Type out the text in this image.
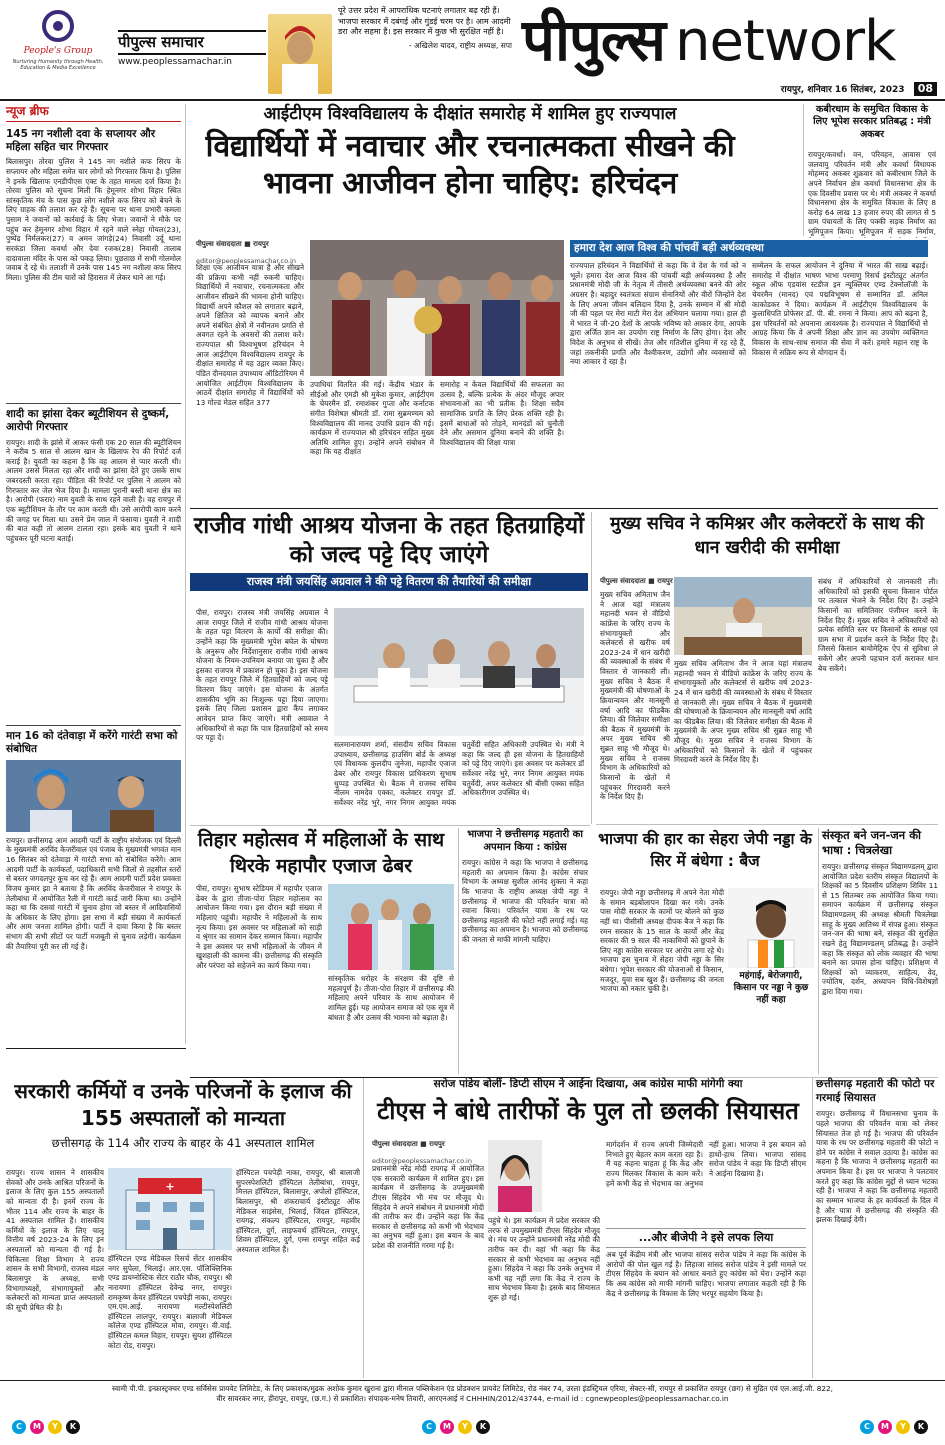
People's Group
Nurturing Humanity through Health, Education & Media Excellence
पीपुल्स समाचार
www.peoplessamachar.in
पूरे उत्तर प्रदेश में आपराधिक घटनाएं लगातार बढ़ रही हैं। भाजपा सरकार में दबंगई और गुंडई चरम पर है। आम आदमी डरा और सहमा है। इस सरकार में कुछ भी सुरक्षित नहीं है।
- अखिलेश यादव, राष्ट्रीय अध्यक्ष, सपा पीपुल्स network
रायपुर, शनिवार 16 सितंबर, 2023 08
न्यूज ब्रीफ
145 नग नशीली दवा के सप्लायर और महिला सहित चार गिरफ्तार
बिलासपुर। तोरवा पुलिस ने 145 नग नशीले कफ सिरप के सप्लायर और महिला समेत चार लोगों को गिरफ्तार किया है। पुलिस ने इनके खिलाफ एनडीपीएस एक्ट के तहत मामला दर्ज किया है। तोरवा पुलिस को सूचना मिली कि हेमूनगर शोभा विहार स्थित सांस्कृतिक मंच के पास कुछ लोग नशीले कफ सिरप को बेचने के लिए ग्राहक की तलाश कर रहे हैं। सूचना पर थाना प्रभारी कमला पुसाम ने जवानों को कार्रवाई के लिए भेजा। जवानों ने मौके पर पहुंच कर हेमूनगर शोभा विहार में रहने वाले स्नेहा गोयल(23), पुष्पेंद्र निर्मलकर(27) व अमन जांगड़े(24) निवासी उर्दू थाना सरकंडा जिला कवर्धा और देवा रजक(28) निवासी तालाब दादावाला मंदिर के पास को पकड़ लिया। पूछताछ में सभी गोलमोल जवाब दे रहे थे। तलाशी में उनके पास 145 नग नशीला कफ सिरप मिला। पुलिस की टीम चारों को हिरासत में लेकर थाने आ गई।
शादी का झांसा देकर ब्यूटीशियन से दुष्कर्म, आरोपी गिरफ्तार
रायपुर। शादी के झांसे में आकर फंसी एक 20 साल की ब्यूटीशियन ने करीब 5 साल से आलम खान के खिलाफ रेप की रिपोर्ट दर्ज कराई है। युवती का कहना है कि वह आलम से प्यार करती थी। आलम उससे मिलता रहा और शादी का झांसा देते हुए उसके साथ जबरदस्ती करता रहा। पीड़िता की रिपोर्ट पर पुलिस ने आलम को गिरफ्तार कर जेल भेज दिया है। मामला पुरानी बस्ती थाना क्षेत्र का है। आरोपी (फरार) नाम युवती के साथ रहने वाली है। वह रायपुर में एक ब्यूटीशियन के तौर पर काम करती थी। उसे आरोपी काम करने की जगह पर मिला था। उसने प्रेम जाल में फंसाया। युवती ने शादी की बात कही तो आलम टालता रहा। इसके बाद युवती ने थाने पहुंचकर पूरी घटना बताई।
मान 16 को दंतेवाड़ा में करेंगे गारंटी सभा को संबोधित
रायपुर। छत्तीसगढ़ आम आदमी पार्टी के राष्ट्रीय संयोजक एवं दिल्ली के मुख्यमंत्री अरविंद केजरीवाल एवं पंजाब के मुख्यमंत्री भगवंत मान 16 सितंबर को दंतेवाड़ा में गारंटी सभा को संबोधित करेंगे। आम आदमी पार्टी के कार्यकर्ता, पदाधिकारी सभी जिलों से तहसील स्तरों से बस्तर जगदलपुर कूच कर रहे हैं। आम आदमी पार्टी प्रदेश प्रवक्ता विजय कुमार झा ने बताया है कि अरविंद केजरीवाल ने रायपुर के तेलीबांधा में आयोजित रैली में गारंटी कार्ड जारी किया था। उन्होंने कहा था कि दसवां गारंटी में चुनाव होगा जो बस्तर में आदिवासियों के अधिकार के लिए होगा। इस सभा में बड़ी संख्या में कार्यकर्ता और आम जनता शामिल होगी। पार्टी ने दावा किया है कि बस्तर संभाग की सभी सीटों पर पार्टी मजबूती से चुनाव लड़ेगी। कार्यक्रम की तैयारियां पूरी कर ली गई हैं।
आईटीएम विश्वविद्यालय के दीक्षांत समारोह में शामिल हुए राज्यपाल
विद्यार्थियों में नवाचार और रचनात्मकता सीखने की भावना आजीवन होना चाहिए: हरिचंदन
पीपुल्स संवाददाता ■ रायपुर
editor@peoplessamachar.co.in
शिक्षा एक आजीवन यात्रा है और सीखने की प्रक्रिया कभी नहीं रुकनी चाहिए। विद्यार्थियों में नवाचार, रचनात्मकता और आजीवन सीखने की भावना होनी चाहिए। विद्यार्थी अपने कौशल को लगातार बढ़ाने, अपने क्षितिज को व्यापक बनाने और अपने संबंधित क्षेत्रों में नवीनतम प्रगति से अवगत रहने के अवसरों की तलाश करें। राज्यपाल श्री विश्वभूषण हरिचंदन ने आज आईटीएम विश्वविद्यालय रायपुर के दीक्षांत समारोह में यह उद्गार व्यक्त किए। पंडित दीनदयाल उपाध्याय ऑडिटोरियम में आयोजित आईटीएम विश्वविद्यालय के आठवें दीक्षांत समारोह में विद्यार्थियों को 13 गोल्ड मेडल सहित 377
उपाधियां वितरित की गई। केंद्रीय भंडार के सीईओ और एमडी श्री मुकेश कुमार, आईटीएम के चेयरमैन डॉ. रमाशंकर गुप्ता और कर्नाटक संगीत विशेषज्ञ श्रीमती डॉ. रामा सुब्रमण्यम को विश्वविद्यालय की मानद उपाधि प्रदान की गई। कार्यक्रम में राज्यपाल श्री हरिचंदन सहित मुख्य अतिथि शामिल हुए। उन्होंने अपने संबोधन में कहा कि यह दीक्षांत
समारोह न केवल विद्यार्थियों की सफलता का उत्सव है, बल्कि प्रत्येक के अंदर मौजूद अपार संभावनाओं का भी प्रतीक है। शिक्षा सदैव सामाजिक प्रगति के लिए प्रेरक शक्ति रही है। इसमें बाधाओं को तोड़ने, मानदंडों को चुनौती देने और असमान दुनिया बनाने की शक्ति है। विश्वविद्यालय की शिक्षा यात्रा
हमारा देश आज विश्व की पांचवीं बड़ी अर्थव्यवस्था
राज्यपाल हरिचंदन ने विद्यार्थियों से कहा कि वे देश के गर्व को न भूलें। हमारा देश आज विश्व की पांचवीं बड़ी अर्थव्यवस्था है और प्रधानमंत्री मोदी जी के नेतृत्व में तीसरी अर्थव्यवस्था बनने की ओर अग्रसर है। बहादुर स्वतंत्रता संग्राम सेनानियों और वीरों जिन्होंने देश के लिए अपना जीवन बलिदान दिया है, उनके सम्मान में श्री मोदी जी की पहल पर मेरा माटी मेरा देश अभियान चलाया गया। हाल ही में भारत ने जी-20 देशों के आपके भविष्य को आकार देगा, आपके द्वारा अर्जित ज्ञान का उपयोग राष्ट्र निर्माण के लिए होगा। देश और विदेश के अनुभव से सीखें। तेज और गतिशील दुनिया में रह रहे हैं, जहां तकनीकी प्रगति और वैश्वीकरण, उद्योगों और व्यवसायों को नया आकार दे रहा है।
सम्मेलन के सफल आयोजन ने दुनिया में भारत की साख बढ़ाई। समारोह में दीक्षांत भाषण भाभा परमाणु रिसर्च इंस्टीट्यूट अंतर्गत स्कूल ऑफ एडवांस स्टडीज इन न्यूक्लियर एण्ड टेक्नोलॉजी के चेयरमैन (मानद) एवं पद्मविभूषण से सम्मानित डॉ. अनिल काकोडकर ने दिया। कार्यक्रम में आईटीएम विश्वविद्यालय के कुलाधिपति प्रोफेसर डॉ. पी. बी. रमना ने किया। आप को बढ़ना है, इस परिवर्तनों को अपनाना आवश्यक है। राज्यपाल ने विद्यार्थियों से आग्रह किया कि वे अपनी शिक्षा और ज्ञान का उपयोग व्यक्तिगत विकास के साथ-साथ समाज की सेवा में करें। हमारे महान राष्ट्र के विकास में सक्रिय रूप से योगदान दें।
कबीरधाम के समुचित विकास के लिए भूपेश सरकार प्रतिबद्ध : मंत्री अकबर
रायपुर/कवर्धा। वन, परिवहन, आवास एवं जलवायु परिवर्तन मंत्री और कवर्धा विधायक मोहम्मद अकबर शुक्रवार को कबीरधाम जिले के अपने निर्वाचन क्षेत्र कवर्धा विधानसभा क्षेत्र के एक दिवसीय प्रवास पर थे। मंत्री अकबर ने कवर्धा विधानसभा क्षेत्र के समुचित विकास के लिए 8 करोड़ 64 लाख 13 हजार रुपए की लागत से 5 ग्राम पंचायतों के लिए पक्की सड़क निर्माण का भूमिपूजन किया। भूमिपूजन में सड़क निर्माण,
राजीव गांधी आश्रय योजना के तहत हितग्राहियों को जल्द पट्टे दिए जाएंगे
राजस्व मंत्री जयसिंह अग्रवाल ने की पट्टे वितरण की तैयारियों की समीक्षा
पीसं, रायपुर। राजस्व मंत्री जयसिंह अग्रवाल ने आज रायपुर जिले में राजीव गांधी आश्रय योजना के तहत पट्टा वितरण के कार्यों की समीक्षा की। उन्होंने कहा कि मुख्यमंत्री भूपेश बघेल के घोषणा के अनुरूप और निर्देशानुसार राजीव गांधी आश्रय योजना के नियम-उपनियम बनाया जा चुका है और इसका राजपत्र में प्रकाशन हो चुका है। इस योजना के तहत रायपुर जिले में हितग्राहियों को जल्द पट्टे वितरण किए जाएंगे। इस योजना के अंतर्गत शासकीय भूमि का निःशुल्क पट्टा दिया जाएगा। इसके लिए जिला प्रशासन द्वारा कैंप लगाकर आवेदन प्राप्त किए जाएंगे। मंत्री अग्रवाल ने अधिकारियों से कहा कि पात्र हितग्राहियों को समय पर पट्टा दें।
सलमानारायण शर्मा, संसदीय सचिव विकास उपाध्याय, छत्तीसगढ़ हाउसिंग बोर्ड के अध्यक्ष एवं विधायक कुलदीप जुनेजा, महापौर एजाज ढेबर और रायपुर विकास प्राधिकरण सुभाष धुप्पड़ उपस्थित थे। बैठक में राजस्व सचिव नीलम नामदेव एक्का, कलेक्टर रायपुर डॉ. सर्वेश्वर नरेंद्र भुरे, नगर निगम आयुक्त मयंक चतुर्वेदी सहित अधिकारी उपस्थित थे। मंत्री ने कहा कि जल्द ही इस योजना के हितग्राहियों को पट्टे दिए जाएंगे। इस अवसर पर कलेक्टर डॉ सर्वेश्वर नरेंद्र भुरे, नगर निगम आयुक्त मयंक चतुर्वेदी, अपर कलेक्टर श्री बीसी एक्का सहित अधिकारीगण उपस्थित थे।
मुख्य सचिव ने कमिश्नर और कलेक्टरों के साथ की धान खरीदी की समीक्षा
पीपुल्स संवाददाता ■ रायपुर
मुख्य सचिव अमिताभ जैन ने आज यहां मंत्रालय महानदी भवन से वीडियो कांफ्रेंस के जरिए राज्य के संभागायुक्तों और कलेक्टर्स से खरीफ वर्ष 2023-24 में धान खरीदी की व्यवस्थाओं के संबंध में विस्तार से जानकारी ली। मुख्य सचिव ने बैठक में मुख्यमंत्री की घोषणाओं के क्रियान्वयन और मानसूनी वर्षा आदि का फीडबैक लिया। की जिलेवार समीक्षा की बैठक में मुख्यमंत्री के अपर मुख्य सचिव श्री सुब्रत साहू भी मौजूद थे। मुख्य सचिव ने राजस्व विभाग के अधिकारियों को किसानों के खेतों में पहुंचकर गिरदावरी करने के निर्देश दिए हैं।
संबंध में अधिकारियों से जानकारी ली। अधिकारियों को इसकी सूचना किसान पोर्टल पर तत्काल भेजने के निर्देश दिए हैं। उन्होंने किसानों का समितिवार पंजीयन करने के निर्देश दिए हैं। मुख्य सचिव ने अधिकारियों को प्रत्येक समिति स्तर पर किसानों के समक्ष एवं ग्राम सभा में प्रदर्शन करने के निर्देश दिए हैं। जिससे किसान बायोमेट्रिक ऐप से सुविधा ले सकेंगे और अपनी पहचान दर्ज कराकर धान बेच सकेंगे।
मुख्य सचिव अमिताभ जैन ने आज यहां मंत्रालय महानदी भवन से वीडियो कांफ्रेंस के जरिए राज्य के संभागायुक्तों और कलेक्टर्स से खरीफ वर्ष 2023-24 में धान खरीदी की व्यवस्थाओं के संबंध में विस्तार से जानकारी ली। मुख्य सचिव ने बैठक में मुख्यमंत्री की घोषणाओं के क्रियान्वयन और मानसूनी वर्षा आदि का फीडबैक लिया। की जिलेवार समीक्षा की बैठक में मुख्यमंत्री के अपर मुख्य सचिव श्री सुब्रत साहू भी मौजूद थे। मुख्य सचिव ने राजस्व विभाग के अधिकारियों को किसानों के खेतों में पहुंचकर गिरदावरी करने के निर्देश दिए हैं।
भाजपा की हार का सेहरा जेपी नड्डा के सिर में बंधेगा : बैज
रायपुर। जेपी नड्डा छत्तीसगढ़ में अपने नेता मोदी के समान बड़बोलापन दिखा कर गये। उनके पास मोदी सरकार के कामों पर बोलने को कुछ नहीं था। पीसीसी अध्यक्ष दीपक बैज ने कहा कि रमन सरकार के 15 साल के कार्यों और केंद्र सरकार की 9 साल की नाकामियों को छुपाने के लिए नड्डा कांग्रेस सरकार पर आरोप लगा रहे थे। भाजपा इस चुनाव में सेहरा जेपी नड्डा के सिर बंधेगा। भूपेश सरकार की योजनाओं से किसान, मजदूर, युवा सब खुश हैं। छत्तीसगढ़ की जनता भाजपा को नकार चुकी है।
महंगाई, बेरोजगारी, किसान पर नड्डा ने कुछ नहीं कहा
संस्कृत बने जन-जन की भाषा : चित्रलेखा
रायपुर। छत्तीसगढ़ संस्कृत विद्यामण्डलम् द्वारा आयोजित प्रदेश स्तरीय संस्कृत विद्यालयों के शिक्षकों का 5 दिवसीय प्रशिक्षण शिविर 11 से 15 सितम्बर तक आयोजित किया गया। समापन कार्यक्रम में छत्तीसगढ़ संस्कृत विद्यामण्डलम् की अध्यक्ष श्रीमती चित्रलेखा साहू के मुख्य आतिथ्य में संपन्न हुआ। संस्कृत जन-जन की भाषा बने, संस्कृत की सुरक्षित रखने हेतु विद्यामण्डलम् प्रतिबद्ध है। उन्होंने कहा कि संस्कृत को लोक व्यवहार की भाषा बनाने का प्रयास होना चाहिए। प्रशिक्षण में शिक्षकों को व्याकरण, साहित्य, वेद, ज्योतिष, दर्शन, अध्यापन विधि-विशेषज्ञों द्वारा दिया गया।
तिहार महोत्सव में महिलाओं के साथ थिरके महापौर एजाज ढेबर
पीसं, रायपुर। सुभाष स्टेडियम में महापौर एजाज ढेबर के द्वारा तीजा-पोरा तिहार महोत्सव का आयोजन किया गया। इस दौरान बड़ी संख्या में महिलाएं पहुंची। महापौर ने महिलाओं के साथ नृत्य किया। इस अवसर पर महिलाओं को साड़ी व श्रृंगार का सामान देकर सम्मान किया। महापौर ने इस अवसर पर सभी महिलाओं के जीवन में खुशहाली की कामना की। छत्तीसगढ़ की संस्कृति और परंपरा को सहेजने का कार्य किया गया।
सांस्कृतिक धरोहर के संरक्षण की दृष्टि से महत्वपूर्ण है। तीजा-पोरा तिहार में छत्तीसगढ़ की महिलाएं अपने परिवार के साथ आयोजन में शामिल हुई। यह आयोजन समाज को एक सूत्र में बांधता है और उत्सव की भावना को बढ़ाता है।
भाजपा ने छत्तीसगढ़ महतारी का अपमान किया : कांग्रेस
रायपुर। कांग्रेस ने कहा कि भाजपा ने छत्तीसगढ़ महतारी का अपमान किया है। कांग्रेस संचार विभाग के अध्यक्ष सुशील आनंद शुक्ला ने कहा कि भाजपा के राष्ट्रीय अध्यक्ष जेपी नड्डा ने छत्तीसगढ़ में भाजपा की परिवर्तन यात्रा को रवाना किया। परिवर्तन यात्रा के रथ पर छत्तीसगढ़ महतारी की फोटो नहीं लगाई गई। यह छत्तीसगढ़ का अपमान है। भाजपा को छत्तीसगढ़ की जनता से माफी मांगनी चाहिए।
सरकारी कर्मियों व उनके परिजनों के इलाज की 155 अस्पतालों को मान्यता
छत्तीसगढ़ के 114 और राज्य के बाहर के 41 अस्पताल शामिल
रायपुर। राज्य शासन ने शासकीय सेवकों और उनके आश्रित परिजनों के इलाज के लिए कुल 155 अस्पतालों को मान्यता दी है। इनमें राज्य के भीतर 114 और राज्य के बाहर के 41 अस्पताल शामिल हैं। शासकीय कर्मियों के इलाज के लिए चालू वित्तीय वर्ष 2023-24 के लिए इन अस्पतालों को मान्यता दी गई है। चिकित्सा शिक्षा विभाग ने राज्य शासन के सभी विभागों, राजस्व मंडल बिलासपुर के अध्यक्ष, सभी विभागाध्यक्षों, संभागायुक्तों और कलेक्टरों को मान्यता प्राप्त अस्पतालों की सूची प्रेषित की है।
+
हॉस्पिटल एण्ड मेडिकल रिसर्च सेंटर शासकीय नगर सुपेला, भिलाई। आर.एस. पॉलिक्लिनिक एण्ड डायग्नोस्टिक सेंटर राठौर चौक, रायपुर। श्री नारायणा हॉस्पिटल देवेन्द्र नगर, रायपुर। रामकृष्ण केयर हॉस्पिटल पचपेड़ी नाका, रायपुर। एम.एम.आई. नारायणा मल्टीस्पेशलिटी हॉस्पिटल लालपुर, रायपुर। बालाजी मेडिकल कॉलेज एण्ड हॉस्पिटल मोवा, रायपुर। वी.वाई. हॉस्पिटल कमल विहार, रायपुर। सुयश हॉस्पिटल कोटा रोड, रायपुर।
हॉस्पिटल पचपेड़ी नाका, रायपुर, श्री बालाजी सुपरस्पेशलिटी हॉस्पिटल तेलीबांधा, रायपुर, मित्तल हॉस्पिटल, बिलासपुर, अपोलो हॉस्पिटल, बिलासपुर, श्री शंकराचार्य इंस्टीट्यूट ऑफ मेडिकल साइंसेस, भिलाई, जिंदल हॉस्पिटल, रायगढ़, संकल्प हॉस्पिटल, रायपुर, महावीर हॉस्पिटल, दुर्ग, लाइफवर्थ हॉस्पिटल, रायपुर, शिवम हॉस्पिटल, दुर्ग, एम्स रायपुर सहित कई अस्पताल शामिल हैं।
सरोज पांडेय बोलीं- डिप्टी सीएम ने आईना दिखाया, अब कांग्रेस माफी मांगेगी क्या
टीएस ने बांधे तारीफों के पुल तो छलकी सियासत
पीपुल्स संवाददाता ■ रायपुर
editor@peoplessamachar.co.in
प्रधानमंत्री नरेंद्र मोदी रायगढ़ में आयोजित एक सरकारी कार्यक्रम में शामिल हुए। इस कार्यक्रम में छत्तीसगढ़ के उपमुख्यमंत्री टीएस सिंहदेव भी मंच पर मौजूद थे। सिंहदेव ने अपने संबोधन में प्रधानमंत्री मोदी की तारीफ कर दी। उन्होंने कहा कि केंद्र सरकार से छत्तीसगढ़ को कभी भी भेदभाव का अनुभव नहीं हुआ। इस बयान के बाद प्रदेश की राजनीति गरमा गई है।
पहुंचे थे। इस कार्यक्रम में प्रदेश सरकार की तरफ से उपमुख्यमंत्री टीएस सिंहदेव मौजूद थे। मंच पर उन्होंने प्रधानमंत्री नरेंद्र मोदी की तारीफ कर दी। वहां भी कहा कि केंद्र सरकार से कभी भेदभाव का अनुभव नहीं हुआ। सिंहदेव ने कहा कि उनके अनुभव में कभी यह नहीं लगा कि केंद्र ने राज्य के साथ भेदभाव किया है। इसके बाद सियासत शुरू हो गई।
मार्गदर्शन में राज्य अपनी जिम्मेदारी निभाते हुए बेहतर काम करता रहा है। मैं यह कहना चाहता हूं कि केंद्र और राज्य मिलकर विकास के काम करें। हमें कभी केंद्र से भेदभाव का अनुभव नहीं हुआ। भाजपा ने इस बयान को हाथों-हाथ लिया। भाजपा सांसद सरोज पांडेय ने कहा कि डिप्टी सीएम ने आईना दिखाया है।
...और बीजेपी ने इसे लपक लिया
अब पूर्व केंद्रीय मंत्री और भाजपा सांसद सरोज पांडेय ने कहा कि कांग्रेस के आरोपों की पोल खुल गई है। लिहाजा सांसद सरोज पांडेय ने इसी मामले पर टीएस सिंहदेव के बयान को आधार बनाते हुए कांग्रेस को घेरा। उन्होंने कहा कि अब कांग्रेस को माफी मांगनी चाहिए। भाजपा लगातार कहती रही है कि केंद्र ने छत्तीसगढ़ के विकास के लिए भरपूर सहयोग किया है।
छत्तीसगढ़ महतारी की फोटो पर गरमाई सियासत
रायपुर। छत्तीसगढ़ में विधानसभा चुनाव के पहले भाजपा की परिवर्तन यात्रा को लेकर सियासत तेज हो गई है। भाजपा की परिवर्तन यात्रा के रथ पर छत्तीसगढ़ महतारी की फोटो न होने पर कांग्रेस ने सवाल उठाया है। कांग्रेस का कहना है कि भाजपा ने छत्तीसगढ़ महतारी का अपमान किया है। इस पर भाजपा ने पलटवार करते हुए कहा कि कांग्रेस मुद्दों से ध्यान भटका रही है। भाजपा ने कहा कि छत्तीसगढ़ महतारी का सम्मान भाजपा के हर कार्यकर्ता के दिल में है और यात्रा में छत्तीसगढ़ की संस्कृति की झलक दिखाई देगी।
स्वामी पी.पी. इन्फ्रास्ट्रक्चर एण्ड सर्विसेस प्रायवेट लिमिटेड, के लिए प्रकाशक/मुद्रक अशोक कुमार खुराना द्वारा मीनाल पब्लिकेशन एंड प्रोडक्शन प्रायवेट लिमिटेड, रोड नंबर 74, उरला इंडस्ट्रियल एरिया, सेक्टर-सी, रायपुर से प्रकाशित रायपुर (छग) से मुद्रित एवं एल.आई.जी. 822,
वीर सावरकर नगर, हीरापुर, रायपुर, (छ.ग.) से प्रकाशित। संपादक-मनेष तिवारी, आरएनआई नं CHHHIN/2012/43744, e-mail id : cgnewpeoples@peoplessamachar.co.in
C M Y K	C M Y K	C M Y K
